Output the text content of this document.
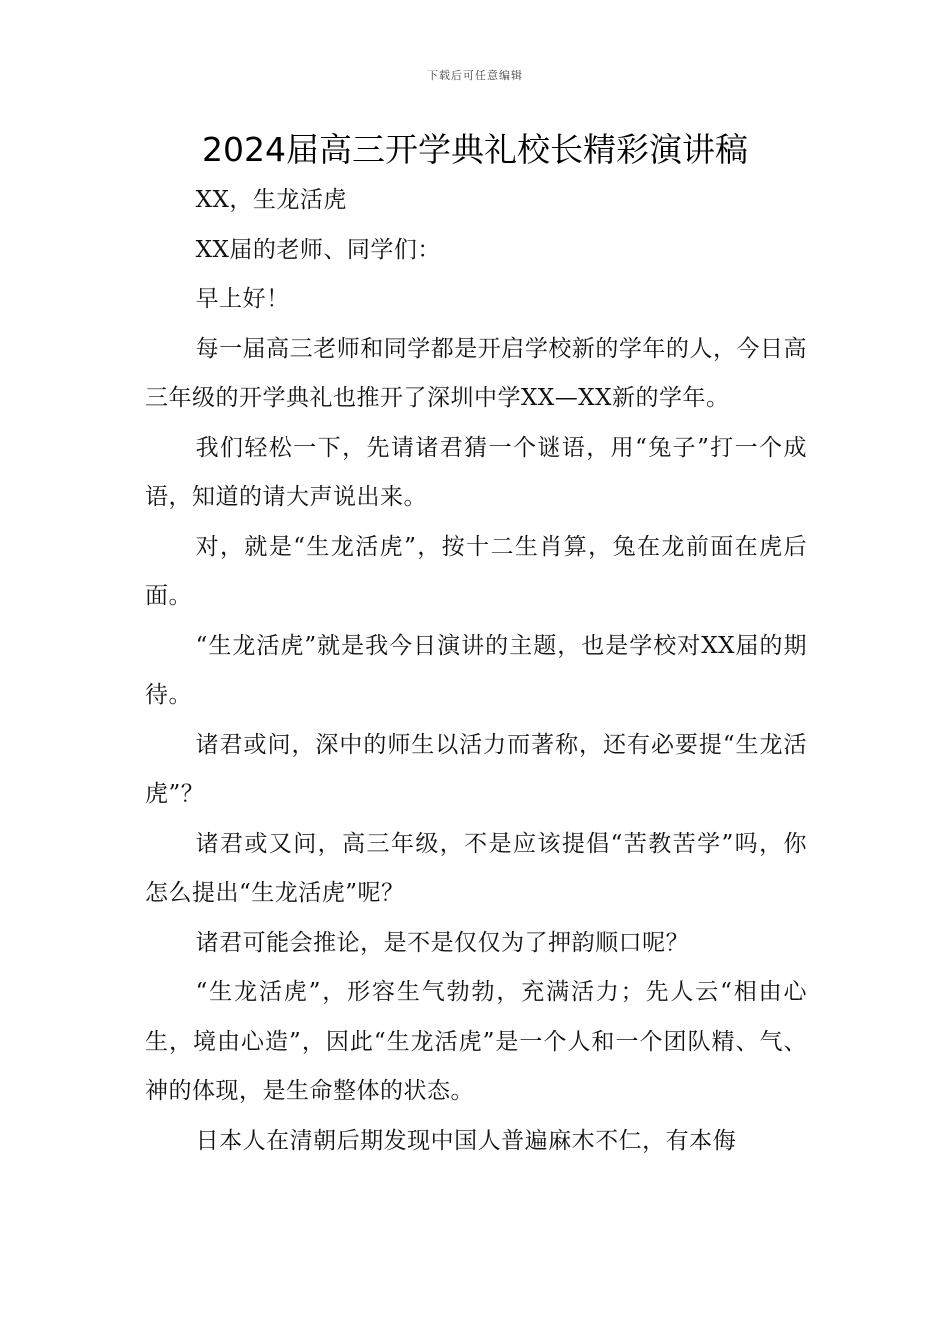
下载后可任意编辑
2024届高三开学典礼校长精彩演讲稿

XX，生龙活虎

XX届的老师、同学们：

早上好！

每一届高三老师和同学都是开启学校新的学年的人，今日高三年级的开学典礼也推开了深圳中学XX—XX新的学年。

我们轻松一下，先请诸君猜一个谜语，用“兔子”打一个成语，知道的请大声说出来。

对，就是“生龙活虎”，按十二生肖算，兔在龙前面在虎后面。

“生龙活虎”就是我今日演讲的主题，也是学校对XX届的期待。

诸君或问，深中的师生以活力而著称，还有必要提“生龙活虎”？

诸君或又问，高三年级，不是应该提倡“苦教苦学”吗，你怎么提出“生龙活虎”呢？

诸君可能会推论，是不是仅仅为了押韵顺口呢？

“生龙活虎”，形容生气勃勃，充满活力；先人云“相由心生，境由心造”，因此“生龙活虎”是一个人和一个团队精、气、神的体现，是生命整体的状态。

日本人在清朝后期发现中国人普遍麻木不仁，有本侮
